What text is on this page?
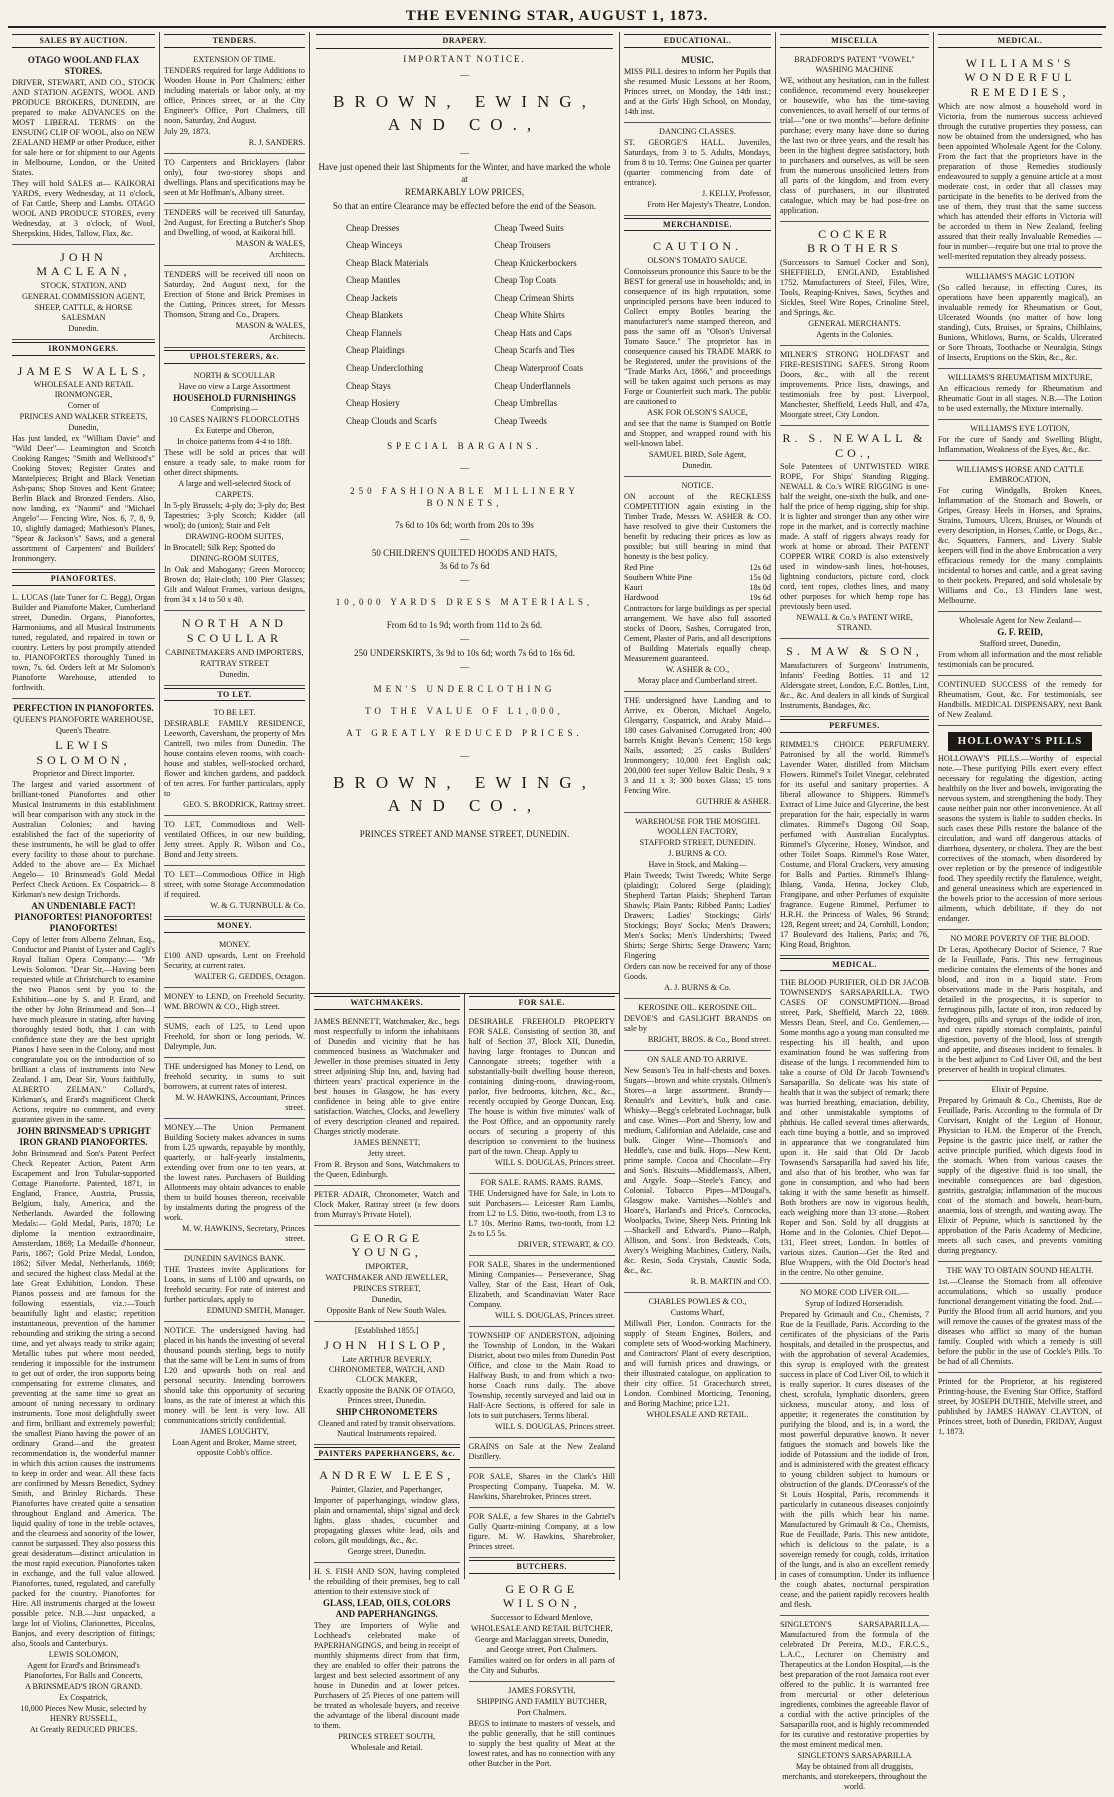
THE EVENING STAR, AUGUST 1, 1873.
SALES BY AUCTION.
OTAGO WOOL AND FLAX STORES.
DRIVER, STEWART, AND CO., STOCK AND STATION AGENTS, WOOL AND PRODUCE BROKERS, DUNEDIN, are prepared to make ADVANCES on the MOST LIBERAL TERMS on the ENSUING CLIP OF WOOL, also on NEW ZEALAND HEMP or other Produce, either for sale here or for shipment to our Agents in Melbourne, London, or the United States.
They will hold SALES at— KAIKORAI YARDS, every Wednesday, at 11 o'clock, of Fat Cattle, Sheep and Lambs. OTAGO WOOL AND PRODUCE STORES, every Wednesday, at 3 o'clock, of Wool, Sheepskins, Hides, Tallow, Flax, &c.
JOHN MACLEAN,
STOCK, STATION, AND
GENERAL COMMISSION AGENT,
SHEEP, CATTLE, & HORSE SALESMAN
Dunedin.
IRONMONGERS.
JAMES WALLS,
WHOLESALE AND RETAIL IRONMONGER,
Corner of
PRINCES AND WALKER STREETS,
Dunedin,
Has just landed, ex "William Davie" and "Wild Deer"— Leamington and Scotch Cooking Ranges; "Smith and Wellstood's" Cooking Stoves; Register Grates and Mantelpieces; Bright and Black Venetian Ash-pans; Shop Stoves and Kent Gratee; Berlin Black and Bronzed Fenders. Also, now landing, ex "Naomi" and "Michael Angelo"— Fencing Wire, Nos. 6, 7, 8, 9, 10, slightly damaged; Mathieson's Planes, "Spear & Jackson's" Saws, and a general assortment of Carpenters' and Builders' Ironmongery.
PIANOFORTES.
L. LUCAS (late Tuner for C. Begg), Organ Builder and Pianoforte Maker, Cumberland street, Dunedin. Organs, Pianofortes, Harmoniums, and all Musical Instruments tuned, regulated, and repaired in town or country. Letters by post promptly attended to. PIANOFORTES thoroughly Tuned in town, 7s. 6d. Orders left at Mr Solomon's Pianoforte Warehouse, attended to forthwith.
PERFECTION IN PIANOFORTES.
QUEEN'S PIANOFORTE WAREHOUSE,
Queen's Theatre.
LEWIS SOLOMON,
Proprietor and Direct Importer.
The largest and varied assortment of brilliant-toned Pianofortes and other Musical Instruments in this establishment will bear comparison with any stock in the Australian Colonies; and having established the fact of the superiority of these instruments, he will be glad to offer every facility to those about to purchase. Added to the above are— Ex Michael Angelo— 10 Brinsmead's Gold Medal Perfect Check Actions. Ex Cospatrick— 8 Kirkman's new design Trichords.
AN UNDENIABLE FACT! PIANOFORTES! PIANOFORTES! PIANOFORTES!
Copy of letter from Alberto Zelman, Esq., Conductor and Pianist of Lyster and Cagli's Royal Italian Opera Company:— "Mr Lewis Solomon. "Dear Sir,—Having been requested while at Christchurch to examine the two Pianos sent by you to the Exhibition—one by S. and P. Erard, and the other by John Brinsmead and Son—I have much pleasure in stating, after having thoroughly tested both, that I can with confidence state they are the best upright Pianos I have seen in the Colony, and most congratulate you on the introduction of so brilliant a class of instruments into New Zealand. I am, Dear Sir, Yours faithfully, ALBERTO ZELMAN." Collard's, Kirkman's, and Erard's magnificent Check Actions, require no comment, and every guarantee given in the same.
JOHN BRINSMEAD'S UPRIGHT IRON GRAND PIANOFORTES.
John Brinsmead and Son's Patent Perfect Check Repeater Action, Patent Arm Escapement and Iron Tubular-supported Cottage Pianoforte. Patented, 1871, in England, France, Austria, Prussia, Belgium, Italy, America, and the Netherlands. Awarded the following Medals:— Gold Medal, Paris, 1870; Le diplome la mention extraordinaire, Amsterdam, 1869; La Medaille d'honneur, Paris, 1867; Gold Prize Medal, London, 1862; Silver Medal, Netherlands, 1869; and secured the highest class Medal at the late Great Exhibition, London. These Pianos possess and are famous for the following essentials, viz.:—Touch beautifully light and elastic; repetition instantaneous, prevention of the hammer rebounding and striking the string a second time, and yet always ready to strike again; Metallic tubes put where most needed, rendering it impossible for the instrument to get out of order, the iron supports being compensating for extreme climates, and preventing at the same time so great an amount of tuning necessary to ordinary instruments. Tone most delightfully sweet and firm, brilliant and extremely powerful; the smallest Piano having the power of an ordinary Grand—and the greatest recommendation is, the wonderful manner in which this action causes the instruments to keep in order and wear. All these facts are confirmed by Messrs Benedict, Sydney Smith, and Brinley Richards. These Pianofortes have created quite a sensation throughout England and America. The liquid quality of tone in the treble octaves, and the clearness and sonority of the lower, cannot be surpassed. They also possess this great desideratum—distinct articulation in the most rapid execution. Pianofortes taken in exchange, and the full value allowed. Pianofortes, tuned, regulated, and carefully packed for the country. Pianofortes for Hire. All instruments charged at the lowest possible price. N.B.—Just unpacked, a large lot of Violins, Clarionettes, Piccolos, Banjos, and every description of fittings; also, Stools and Canterburys.
LEWIS SOLOMON,
Agent for Erard's and Brinsmead's Pianofortes, For Balls and Concerts,
A BRINSMEAD'S IRON GRAND.
Ex Cospatrick,
10,000 Pieces New Music, selected by HENRY RUSSELL,
At Greatly REDUCED PRICES.
TENDERS.
EXTENSION OF TIME.
TENDERS required for large Additions to Wooden House in Port Chalmers; either including materials or labor only, at my office, Princes street, or at the City Engineer's Office, Port Chalmers, till noon, Saturday, 2nd August.
July 29, 1873.
R. J. SANDERS.
TO Carpenters and Bricklayers (labor only), four two-storey shops and dwellings. Plans and specifications may be seen at Mr Hoffman's, Albany street.
TENDERS will be received till Saturday, 2nd August, for Erecting a Butcher's Shop and Dwelling, of wood, at Kaikorai hill.
MASON & WALES,
Architects.
TENDERS will be received till noon on Saturday, 2nd August next, for the Erection of Stone and Brick Premises in the Cutting, Princes street, for Messrs Thomson, Strang and Co., Drapers.
MASON & WALES,
Architects.
UPHOLSTERERS, &c.
NORTH & SCOULLAR
Have on view a Large Assortment
HOUSEHOLD FURNISHINGS
Comprising—
10 CASES NAIRN'S FLOORCLOTHS
Ex Euterpe and Oberon,
In choice patterns from 4-4 to 18ft.
These will be sold at prices that will ensure a ready sale, to make room for other direct shipments.
A large and well-selected Stock of
CARPETS.
In 5-ply Brussels; 4-ply do; 3-ply do; Best Tapestries; 3-ply Scotch; Kidder (all wool); do (union); Stair and Felt
DRAWING-ROOM SUITES,
In Brocatell; Silk Rep; Spotted do
DINING-ROOM SUITES,
In Oak and Mahogany; Green Morocco; Brown do; Hair-cloth; 100 Pier Glasses; Gilt and Walnut Frames, various designs, from 34 x 14 to 50 x 40.
NORTH AND SCOULLAR
CABINETMAKERS AND IMPORTERS,
RATTRAY STREET
Dunedin.
TO LET.
TO BE LET.
DESIRABLE FAMILY RESIDENCE, Leeworth, Caversham, the property of Mrs Cantrell, two miles from Dunedin. The house contains eleven rooms, with coach-house and stables, well-stocked orchard, flower and kitchen gardens, and paddock of ten acres. For further particulars, apply to
GEO. S. BRODRICK, Rattray street.
TO LET, Commodious and Well-ventilated Offices, in our new building, Jetty street. Apply R. Wilson and Co., Bond and Jetty streets.
TO LET—Commodious Office in High street, with some Storage Accommodation if required.
W. & G. TURNBULL & Co.
MONEY.
MONEY.
£100 AND upwards, Lent on Freehold Security, at current rates.
WALTER G. GEDDES, Octagon.
MONEY to LEND, on Freehold Security. WM. BROWN & CO., High street.
SUMS, each of L25, to Lend upon Freehold, for short or long periods. W. Dalrymple, Jun.
THE undersigned has Money to Lend, on freehold security, in sums to suit borrowers, at current rates of interest.
M. W. HAWKINS, Accountant, Princes street.
MONEY.—The Union Permanent Building Society makes advances in sums from L25 upwards, repayable by monthly, quarterly, or half-yearly instalments, extending over from one to ten years, at the lowest rates. Purchasers of Building Allotments may obtain advances to enable them to build houses thereon, receivable by instalments during the progress of the work.
M. W. HAWKINS, Secretary, Princes street.
DUNEDIN SAVINGS BANK.
THE Trustees invite Applications for Loans, in sums of L100 and upwards, on freehold security. For rate of interest and further particulars, apply to
EDMUND SMITH, Manager.
NOTICE. The undersigned having had placed in his hands the investing of several thousand pounds sterling, begs to notify that the same will be Lent in sums of from L20 and upwards both on real and personal security. Intending borrowers should take this opportunity of securing loans, as the rate of interest at which this money will be lent is very low. All communications strictly confidential.
JAMES LOUGHTY,
Loan Agent and Broker, Manse street, opposite Cobb's office.
DRAPERY.
IMPORTANT NOTICE.
—
BROWN, EWING, AND CO.,
—
Have just opened their last Shipments for the Winter, and have marked the whole at
REMARKABLY LOW PRICES,
So that an entire Clearance may be effected before the end of the Season.
Cheap Dresses
Cheap Winceys
Cheap Black Materials
Cheap Mantles
Cheap Jackets
Cheap Blankets
Cheap Flannels
Cheap Plaidings
Cheap Underclothing
Cheap Stays
Cheap Hosiery
Cheap Clouds and Scarfs
Cheap Tweed Suits
Cheap Trousers
Cheap Knickerbockers
Cheap Top Coats
Cheap Crimean Shirts
Cheap White Shirts
Cheap Hats and Caps
Cheap Scarfs and Ties
Cheap Waterproof Coats
Cheap Underflannels
Cheap Umbrellas
Cheap Tweeds
SPECIAL BARGAINS.
—
250 FASHIONABLE MILLINERY BONNETS,
7s 6d to 10s 6d; worth from 20s to 39s
—
50 CHILDREN'S QUILTED HOODS AND HATS,
3s 6d to 7s 6d
—
10,000 YARDS DRESS MATERIALS,
From 6d to 1s 9d; worth from 11d to 2s 6d.
—
250 UNDERSKIRTS, 3s 9d to 10s 6d; worth 7s 6d to 16s 6d.
—
MEN'S UNDERCLOTHING
TO THE VALUE OF L1,000,
AT GREATLY REDUCED PRICES.
—
BROWN, EWING, AND CO.,
PRINCES STREET AND MANSE STREET, DUNEDIN.
WATCHMAKERS.
JAMES BENNETT, Watchmaker, &c., begs most respectfully to inform the inhabitants of Dunedin and vicinity that he has commenced business as Watchmaker and Jeweller in those premises situated in Jetty street adjoining Ship Inn, and, having had thirteen years' practical experience in the best houses in Glasgow, he has every confidence in being able to give entire satisfaction. Watches, Clocks, and Jewellery of every description cleaned and repaired. Charges strictly moderate.
JAMES BENNETT,
Jetty street.
From R. Bryson and Sons, Watchmakers to the Queen, Edinburgh.
PETER ADAIR, Chronometer, Watch and Clock Maker, Rattray street (a few doors from Murray's Private Hotel).
GEORGE YOUNG,
IMPORTER,
WATCHMAKER AND JEWELLER,
PRINCES STREET,
Dunedin,
Opposite Bank of New South Wales.
[Established 1855.]
JOHN HISLOP,
Late ARTHUR BEVERLY, CHRONOMETER, WATCH, AND CLOCK MAKER,
Exactly opposite the BANK OF OTAGO, Princes street, Dunedin.
SHIP CHRONOMETERS
Cleaned and rated by transit observations. Nautical Instruments repaired.
PAINTERS PAPERHANGERS, &c.
ANDREW LEES,
Painter, Glazier, and Paperhanger,
Importer of paperhangings, window glass, plain and ornamental, ships' signal and deck lights, glass shades, cucumber and propagating glasses white lead, oils and colors, gilt mouldings, &c., &c.
George street, Dunedin.
H. S. FISH AND SON, having completed the rebuilding of their premises, beg to call attention to their extensive stock of
GLASS, LEAD, OILS, COLORS AND PAPERHANGINGS.
They are Importers of Wylie and Lochhead's celebrated make of PAPERHANGINGS, and being in receipt of monthly shipments direct from that firm, they are enabled to offer their patrons the largest and best selected assortment of any house in Dunedin and at lower prices. Purchasers of 25 Pieces of one pattern will be treated as wholesale buyers, and receive the advantage of the liberal discount made to them.
PRINCES STREET SOUTH,
Wholesale and Retail.
FOR SALE.
DESIRABLE FREEHOLD PROPERTY FOR SALE. Consisting of section 38, and half of Section 37, Block XII, Dunedin, having large frontages to Duncan and Cannongate streets; together with a substantially-built dwelling house thereon, containing dining-room, drawing-room, parlor, five bedrooms, kitchen, &c., &c., recently occupied by George Duncan, Esq. The house is within five minutes' walk of the Post Office, and an opportunity rarely occurs of securing a property of this description so convenient to the business part of the town. Cheap. Apply to
WILL S. DOUGLAS, Princes street.
FOR SALE. RAMS. RAMS. RAMS.
THE Undersigned have for Sale, in Lots to suit Purchasers— Leicester Ram Lambs, from L2 to L5. Ditto, two-tooth, from L3 to L7 10s. Merino Rams, two-tooth, from L2 2s to L5 5s.
DRIVER, STEWART, & CO.
FOR SALE, Shares in the undermentioned Mining Companies— Perseverance, Shag Valley, Star of the East, Heart of Oak, Elizabeth, and Scandinavian Water Race Company.
WILL S. DOUGLAS, Princes street.
TOWNSHIP OF ANDERSTON, adjoining the Township of London, in the Wakari District, about two miles from Dunedin Post Office, and close to the Main Road to Halfway Bush, to and from which a two-horse Coach runs daily. The above Township, recently surveyed and laid out in Half-Acre Sections, is offered for sale in lots to suit purchasers. Terms liberal.
WILL S. DOUGLAS, Princes street.
GRAINS on Sale at the New Zealand Distillery.
FOR SALE, Shares in the Clark's Hill Prospecting Company, Tuapeka. M. W. Hawkins, Sharebroker, Princes street.
FOR SALE, a few Shares in the Gabriel's Gully Quartz-mining Company, at a low figure. M. W. Hawkins, Sharebroker, Princes street.
BUTCHERS.
GEORGE WILSON,
Successor to Edward Menlove,
WHOLESALE AND RETAIL BUTCHER,
George and Maclaggan streets, Dunedin, and George street, Port Chalmers.
Families waited on for orders in all parts of the City and Suburbs.
JAMES FORSYTH,
SHIPPING AND FAMILY BUTCHER,
Port Chalmers.
BEGS to intimate to masters of vessels, and the public generally, that he still continues to supply the best quality of Meat at the lowest rates, and has no connection with any other Butcher in the Port.
EDUCATIONAL.
MUSIC.
MISS PILL desires to inform her Pupils that she resumed Music Lessons at her Room, Princes street, on Monday, the 14th inst.; and at the Girls' High School, on Monday, 14th inst.
DANCING CLASSES.
ST. GEORGE'S HALL. Juveniles, Saturdays, from 3 to 5. Adults, Mondays, from 8 to 10. Terms: One Guinea per quarter (quarter commencing from date of entrance).
J. KELLY, Professor,
From Her Majesty's Theatre, London.
MERCHANDISE.
CAUTION.
OLSON'S TOMATO SAUCE.
Connoisseurs pronounce this Sauce to be the BEST for general use in households; and, in consequence of its high reputation, some unprincipled persons have been induced to Collect empty Bottles bearing the manufacturer's name stamped thereon, and pass the same off as "Olson's Universal Tomato Sauce." The proprietor has in consequence caused his TRADE MARK to be Registered, under the provisions of the "Trade Marks Act, 1866," and proceedings will be taken against such persons as may Forge or Counterfeit such mark. The public are cautioned to
ASK FOR OLSON'S SAUCE,
and see that the name is Stamped on Bottle and Stopper, and wrapped round with his well-known label.
SAMUEL BIRD, Sole Agent,
Dunedin.
NOTICE.
ON account of the RECKLESS COMPETITION again existing in the Timber Trade, Messrs W. ASHER & CO. have resolved to give their Customers the benefit by reducing their prices as low as possible; but still bearing in mind that honesty is the best policy.
Red Pine	12s 6d
Southern White Pine	15s 0d
Kauri	18s 0d
Hardwood	19s 6d
Contractors for large buildings as per special arrangement. We have also full assorted stocks of Doors, Sashes, Corrugated Iron, Cement, Plaster of Paris, and all descriptions of Building Materials equally cheap. Measurement guaranteed.
W. ASHER & CO.,
Moray place and Cumberland street.
THE undersigned have Landing and to Arrive, ex Oberon, Michael Angelo, Glengarry, Cospatrick, and Araby Maid— 180 cases Galvanised Corrugated Iron; 400 barrels Knight Bevan's Cement; 150 kegs Nails, assorted; 25 casks Builders' Ironmongery; 10,000 feet English oak; 200,000 feet super Yellow Baltic Deals, 9 x 3 and 11 x 3; 300 boxes Glass; 15 tons Fencing Wire.
GUTHRIE & ASHER.
WAREHOUSE FOR THE MOSGIEL WOOLLEN FACTORY,
STAFFORD STREET, DUNEDIN.
J. BURNS & CO.
Have in Stock, and Making—
Plain Tweeds; Twist Tweeds; White Serge (plaiding); Colored Serge (plaiding); Shepherd Tartan Plaids; Shepherd Tartan Shawls; Plain Pants; Ribbed Pants; Ladies' Drawers; Ladies' Stockings; Girls' Stockings; Boys' Socks; Men's Drawers; Men's Socks; Men's Undershirts; Tweed Shirts; Serge Shirts; Serge Drawers; Yarn; Fingering
Orders can now be received for any of those Goods.
A. J. BURNS & Co.
KEROSINE OIL. KEROSINE OIL.
DEVOE'S and GASLIGHT BRANDS on sale by
BRIGHT, BROS. & Co., Bond street.
ON SALE AND TO ARRIVE.
New Season's Tea in half-chests and boxes. Sugars—brown and white crystals. Oilmen's Stores—a large assortment. Brandy—Renault's and Levitte's, bulk and case. Whisky—Begg's celebrated Lochnagar, bulk and case. Wines—Port and Sherry, low and medium, Californian and Adelaide, case and bulk. Ginger Wine—Thomson's and Heddle's, case and bulk. Hops—New Kent, prime sample. Cocoa and Chocolate—Fry and Son's. Biscuits—Middlemass's, Albert, and Argyle. Soap—Steele's Fancy, and Colonial. Tobacco Pipes—M'Dougal's, Glasgow make. Varnishes—Noble's and Hoare's, Harland's and Price's. Corncocks, Woolpacks, Twine, Sheep Nets. Printing Ink—Shackell and Edward's. Piano—Ralph, Allison, and Sons'. Iron Bedsteads, Cots, Avery's Weighing Machines, Cutlery, Nails, &c. Resin, Soda Crystals, Caustic Soda, &c., &c.
R. B. MARTIN and CO.
CHARLES POWLES & CO.,
Customs Wharf,
Millwall Pier, London. Contracts for the supply of Steam Engines, Boilers, and complete sets of Wood-working Machinery, and Contractors' Plant of every description, and will furnish prices and drawings, or their illustrated catalogue, on application to their city office. 51 Gracechurch street, London. Combined Morticing, Tenoning, and Boring Machine; price L21.
WHOLESALE AND RETAIL.
MISCELLA
BRADFORD'S PATENT "VOWEL" WASHING MACHINE
WE, without any hesitation, can in the fullest confidence, recommend every housekeeper or housewife, who has the time-saving conveniences, to avail herself of our terms of trial—"one or two months"—before definite purchase; every many have done so during the last two or three years, and the result has been in the highest degree satisfactory, both to purchasers and ourselves, as will be seen from the numerous unsolicited letters from all parts of the kingdom, and from every class of purchasers, in our illustrated catalogue, which may be had post-free on application.
COCKER BROTHERS
(Successors to Samuel Cocker and Son), SHEFFIELD, ENGLAND, Established 1752. Manufacturers of Steel, Files, Wire, Tools, Reaping-Knives, Saws, Scythes and Sickles, Steel Wire Ropes, Crinoline Steel, and Springs, &c.
GENERAL MERCHANTS.
Agents in the Colonies.
MILNER'S STRONG HOLDFAST and FIRE-RESISTING SAFES. Strong Room Doors, &c., with all the recent improvements. Price lists, drawings, and testimonials free by post. Liverpool, Manchester, Sheffield, Leeds Hull, and 47a, Moorgate street, City London.
R. S. NEWALL & CO.,
Sole Patentees of UNTWISTED WIRE ROPE, For Ships' Standing Rigging. NEWALL & Co.'s WIRE RIGGING is one-half the weight, one-sixth the bulk, and one-half the price of hemp rigging, ship for ship. It is lighter and stronger than any other wire rope in the market, and is correctly machine made. A staff of riggers always ready for work at home or abroad. Their PATENT COPPER WIRE CORD is also extensively used in window-sash lines, hot-houses, lightning conductors, picture cord, clock cord, tent ropes, clothes lines, and many other purposes for which hemp rope has previously been used.
NEWALL & Co.'s PATENT WIRE, STRAND.
S. MAW & SON,
Manufacturers of Surgeons' Instruments, Infants' Feeding Bottles. 11 and 12 Aldersgate street, London, E.C. Bottles, Lint, &c., &c. And dealers in all kinds of Surgical Instruments, Bandages, &c.
PERFUMES.
RIMMEL'S CHOICE PERFUMERY. Patronised by all the world. Rimmel's Lavender Water, distilled from Mitcham Flowers. Rimmel's Toilet Vinegar, celebrated for its useful and sanitary properties. A liberal allowance to Shippers. Rimmel's Extract of Lime Juice and Glycerine, the best preparation for the hair, especially in warm climates. Rimmel's Dagong Oil Soap, perfumed with Australian Eucalyptus. Rimmel's Glycerine, Honey, Windsor, and other Toilet Soaps. Rimmel's Rose Water, Costume, and Floral Crackers, very amusing for Balls and Parties. Rimmel's Ihlang-Ihlang, Vanda, Henna, Jockey Club, Frangipane, and other Perfumes of exquisite fragrance. Eugene Rimmel, Perfumer to H.R.H. the Princess of Wales, 96 Strand; 128, Regent street; and 24, Cornhill, London; 17 Boulevard des Italiens, Paris; and 76, King Road, Brighton.
MEDICAL.
THE BLOOD PURIFIER, OLD DR JACOB TOWNSEND'S SARSAPARILLA. TWO CASES OF CONSUMPTION.—Broad street, Park, Sheffield, March 22, 1869. Messrs Dean, Steel, and Co. Gentlemen,—Some months ago a young man consulted me respecting his ill health, and upon examination found he was suffering from disease of the lungs. I recommended him to take a course of Old Dr Jacob Townsend's Sarsaparilla. So delicate was his state of health that it was the subject of remark; there was hurried breathing, emaciation, debility, and other unmistakable symptoms of phthisis. He called several times afterwards, each time buying a bottle, and so improved in appearance that we congratulated him upon it. He said that Old Dr Jacob Townsend's Sarsaparilla had saved his life, and also that of his brother, who was far gone in consumption, and who had been taking it with the same benefit as himself. Both brothers are now in vigorous health, each weighing more than 13 stone.—Robert Roper and Son. Sold by all druggists at Home and in the Colonies. Chief Depot—131, Fleet street, London. In bottles of various sizes. Caution—Get the Red and Blue Wrappers, with the Old Doctor's head in the centre. No other genuine.
NO MORE COD LIVER OIL.—
Syrup of Iodized Horseradish.
Prepared by Grimault and Co., Chemists, 7 Rue de la Feuillade, Paris. According to the certificates of the physicians of the Paris hospitals, and detailed in the prospectus, and with the approbation of several Academies, this syrup is employed with the greatest success in place of Cod Liver Oil, to which it is really superior. It cures diseases of the chest, scrofula, lymphatic disorders, green sickness, muscular atony, and loss of appetite; it regenerates the constitution by purifying the blood, and is, in a word, the most powerful depurative known. It never fatigues the stomach and bowels like the iodide of Potassium and the iodide of Iron, and is administered with the greatest efficacy to young children subject to humours or obstruction of the glands. D'Ceorasse's of the St Louis Hospital, Paris, recommends it particularly in cutaneous diseases conjointly with the pills which bear his name. Manufactured by Grimault & Co., Chemists, Rue de Feuillade, Paris. This new antidote, which is delicious to the palate, is a sovereign remedy for cough, colds, irritation of the lungs, and is also an excellent remedy in cases of consumption. Under its influence the cough abates, nocturnal perspiration cease, and the patient rapidly recovers health and flesh.
SINGLETON'S SARSAPARILLA.— Manufactured from the formula of the celebrated Dr Pereira, M.D., F.R.C.S., L.A.C., Lecturer on Chemistry and Therapeutics at the London Hospital,—is the best preparation of the root Jamaica root ever offered to the public. It is warranted free from mercurial or other deleterious ingredients, combines the agreeable flavor of a cordial with the active principles of the Sarsaparilla root, and is highly recommended for its curative and restorative properties by the most eminent medical men.
SINGLETON'S SARSAPARILLA
May be obtained from all druggists, merchants, and storekeepers, throughout the world.
MEDICAL.
WILLIAMS'S WONDERFUL REMEDIES,
Which are now almost a household word in Victoria, from the numerous success achieved through the curative properties they possess, can now be obtained from the undersigned, who has been appointed Wholesale Agent for the Colony. From the fact that the proprietors have in the preparation of those Remedies studiously endeavoured to supply a genuine article at a most moderate cost, in order that all classes may participate in the benefits to be derived from the use of them, they trust that the same success which has attended their efforts in Victoria will be accorded to them in New Zealand, feeling assured that their really Invaluable Remedies —four in number—require but one trial to prove the well-merited reputation they already possess.
WILLIAMS'S MAGIC LOTION
(So called because, in effecting Cures, its operations have been apparently magical), an invaluable remedy for Rheumatism or Gout, Ulcerated Wounds (no matter of how long standing), Cuts, Bruises, or Sprains, Chilblains, Bunions, Whitlows, Burns, or Scalds, Ulcerated or Sore Throats, Toothache or Neuralgia, Stings of Insects, Eruptions on the Skin, &c., &c.
WILLIAMS'S RHEUMATISM MIXTURE,
An efficacious remedy for Rheumatism and Rheumatic Gout in all stages. N.B.—The Lotion to be used externally, the Mixture internally.
WILLIAMS'S EYE LOTION,
For the cure of Sandy and Swelling Blight, Inflammation, Weakness of the Eyes, &c., &c.
WILLIAMS'S HORSE AND CATTLE EMBROCATION,
For curing Windgalls, Broken Knees, Inflammation of the Stomach and Bowels, or Gripes, Greasy Heels in Horses, and Sprains, Strains, Tumours, Ulcers, Bruises, or Wounds of every description, in Horses, Cattle, or Dogs, &c., &c. Squatters, Farmers, and Livery Stable keepers will find in the above Embrocation a very efficacious remedy for the many complaints incidental to horses and cattle, and a great saving to their pockets. Prepared, and sold wholesale by Williams and Co., 13 Flinders lane west, Melbourne.
Wholesale Agent for New Zealand—
G. F. REID,
Stafford street, Dunedin,
From whom all information and the most reliable testimonials can be procured.
CONTINUED SUCCESS of the remedy for Rheumatism, Gout, &c. For testimonials, see Handbills. MEDICAL DISPENSARY, next Bank of New Zealand.
HOLLOWAY'S PILLS
HOLLOWAY'S PILLS.—Worthy of especial note.—These purifying Pills exert every effect necessary for regulating the digestion, acting healthily on the liver and bowels, invigorating the nervous system, and strengthening the body. They cause neither pain nor other inconvenience. At all seasons the system is liable to sudden checks. In such cases these Pills restore the balance of the circulation, and ward off dangerous attacks of diarrhoea, dysentery, or cholera. They are the best correctives of the stomach, when disordered by over repletion or by the presence of indigestible food. They speedily rectify the flatulence, weight, and general uneasiness which are experienced in the bowels prior to the accession of more serious ailments, which debilitate, if they do not endanger.
NO MORE POVERTY OF THE BLOOD.
Dr Leras, Apothecary Doctor of Science, 7 Rue de la Feuillade, Paris. This new ferruginous medicine contains the elements of the bones and blood, and iron in a liquid state. From observations made in the Paris hospitals, and detailed in the prospectus, it is superior to ferruginous pills, lactate of iron, iron reduced by hydrogen, pills and syrups of the iodide of iron, and cures rapidly stomach complaints, painful digestion, poverty of the blood, loss of strength and appetite, and diseases incident to females. It is the best adjunct to Cod Liver Oil, and the best preserver of health in tropical climates.
Elixir of Pepsine.
Prepared by Grimault & Co., Chemists, Rue de Feuillade, Paris. According to the formula of Dr Corvisart, Knight of the Legion of Honour, Physician to H.M. the Emperor of the French, Pepsine is the gastric juice itself, or rather the active principle purified, which digests food in the stomach. When from various causes the supply of the digestive fluid is too small, the inevitable consequences are bad digestion, gastritis, gastralgia; inflammation of the mucous coat of the stomach and bowels, heart-burn, anaemia, loss of strength, and wasting away. The Elixir of Pepsine, which is sanctioned by the approbation of the Paris Academy of Medicine, meets all such cases, and prevents vomiting during pregnancy.
THE WAY TO OBTAIN SOUND HEALTH.
1st.—Cleanse the Stomach from all offensive accumulations, which so usually produce functional derangement vitiating the food. 2nd.—Purify the Blood from all acrid humors, and you will remove the causes of the greatest mass of the diseases who afflict so many of the human family. Coupled with which a remedy is still before the public in the use of Cockle's Pills. To be had of all Chemists.
Printed for the Proprietor, at his registered Printing-house, the Evening Star Office, Stafford street, by JOSEPH DUTHIE, Melville street, and published by JAMES HAWAY CLAYTON, of Princes street, both of Dunedin, FRIDAY, August 1, 1873.
